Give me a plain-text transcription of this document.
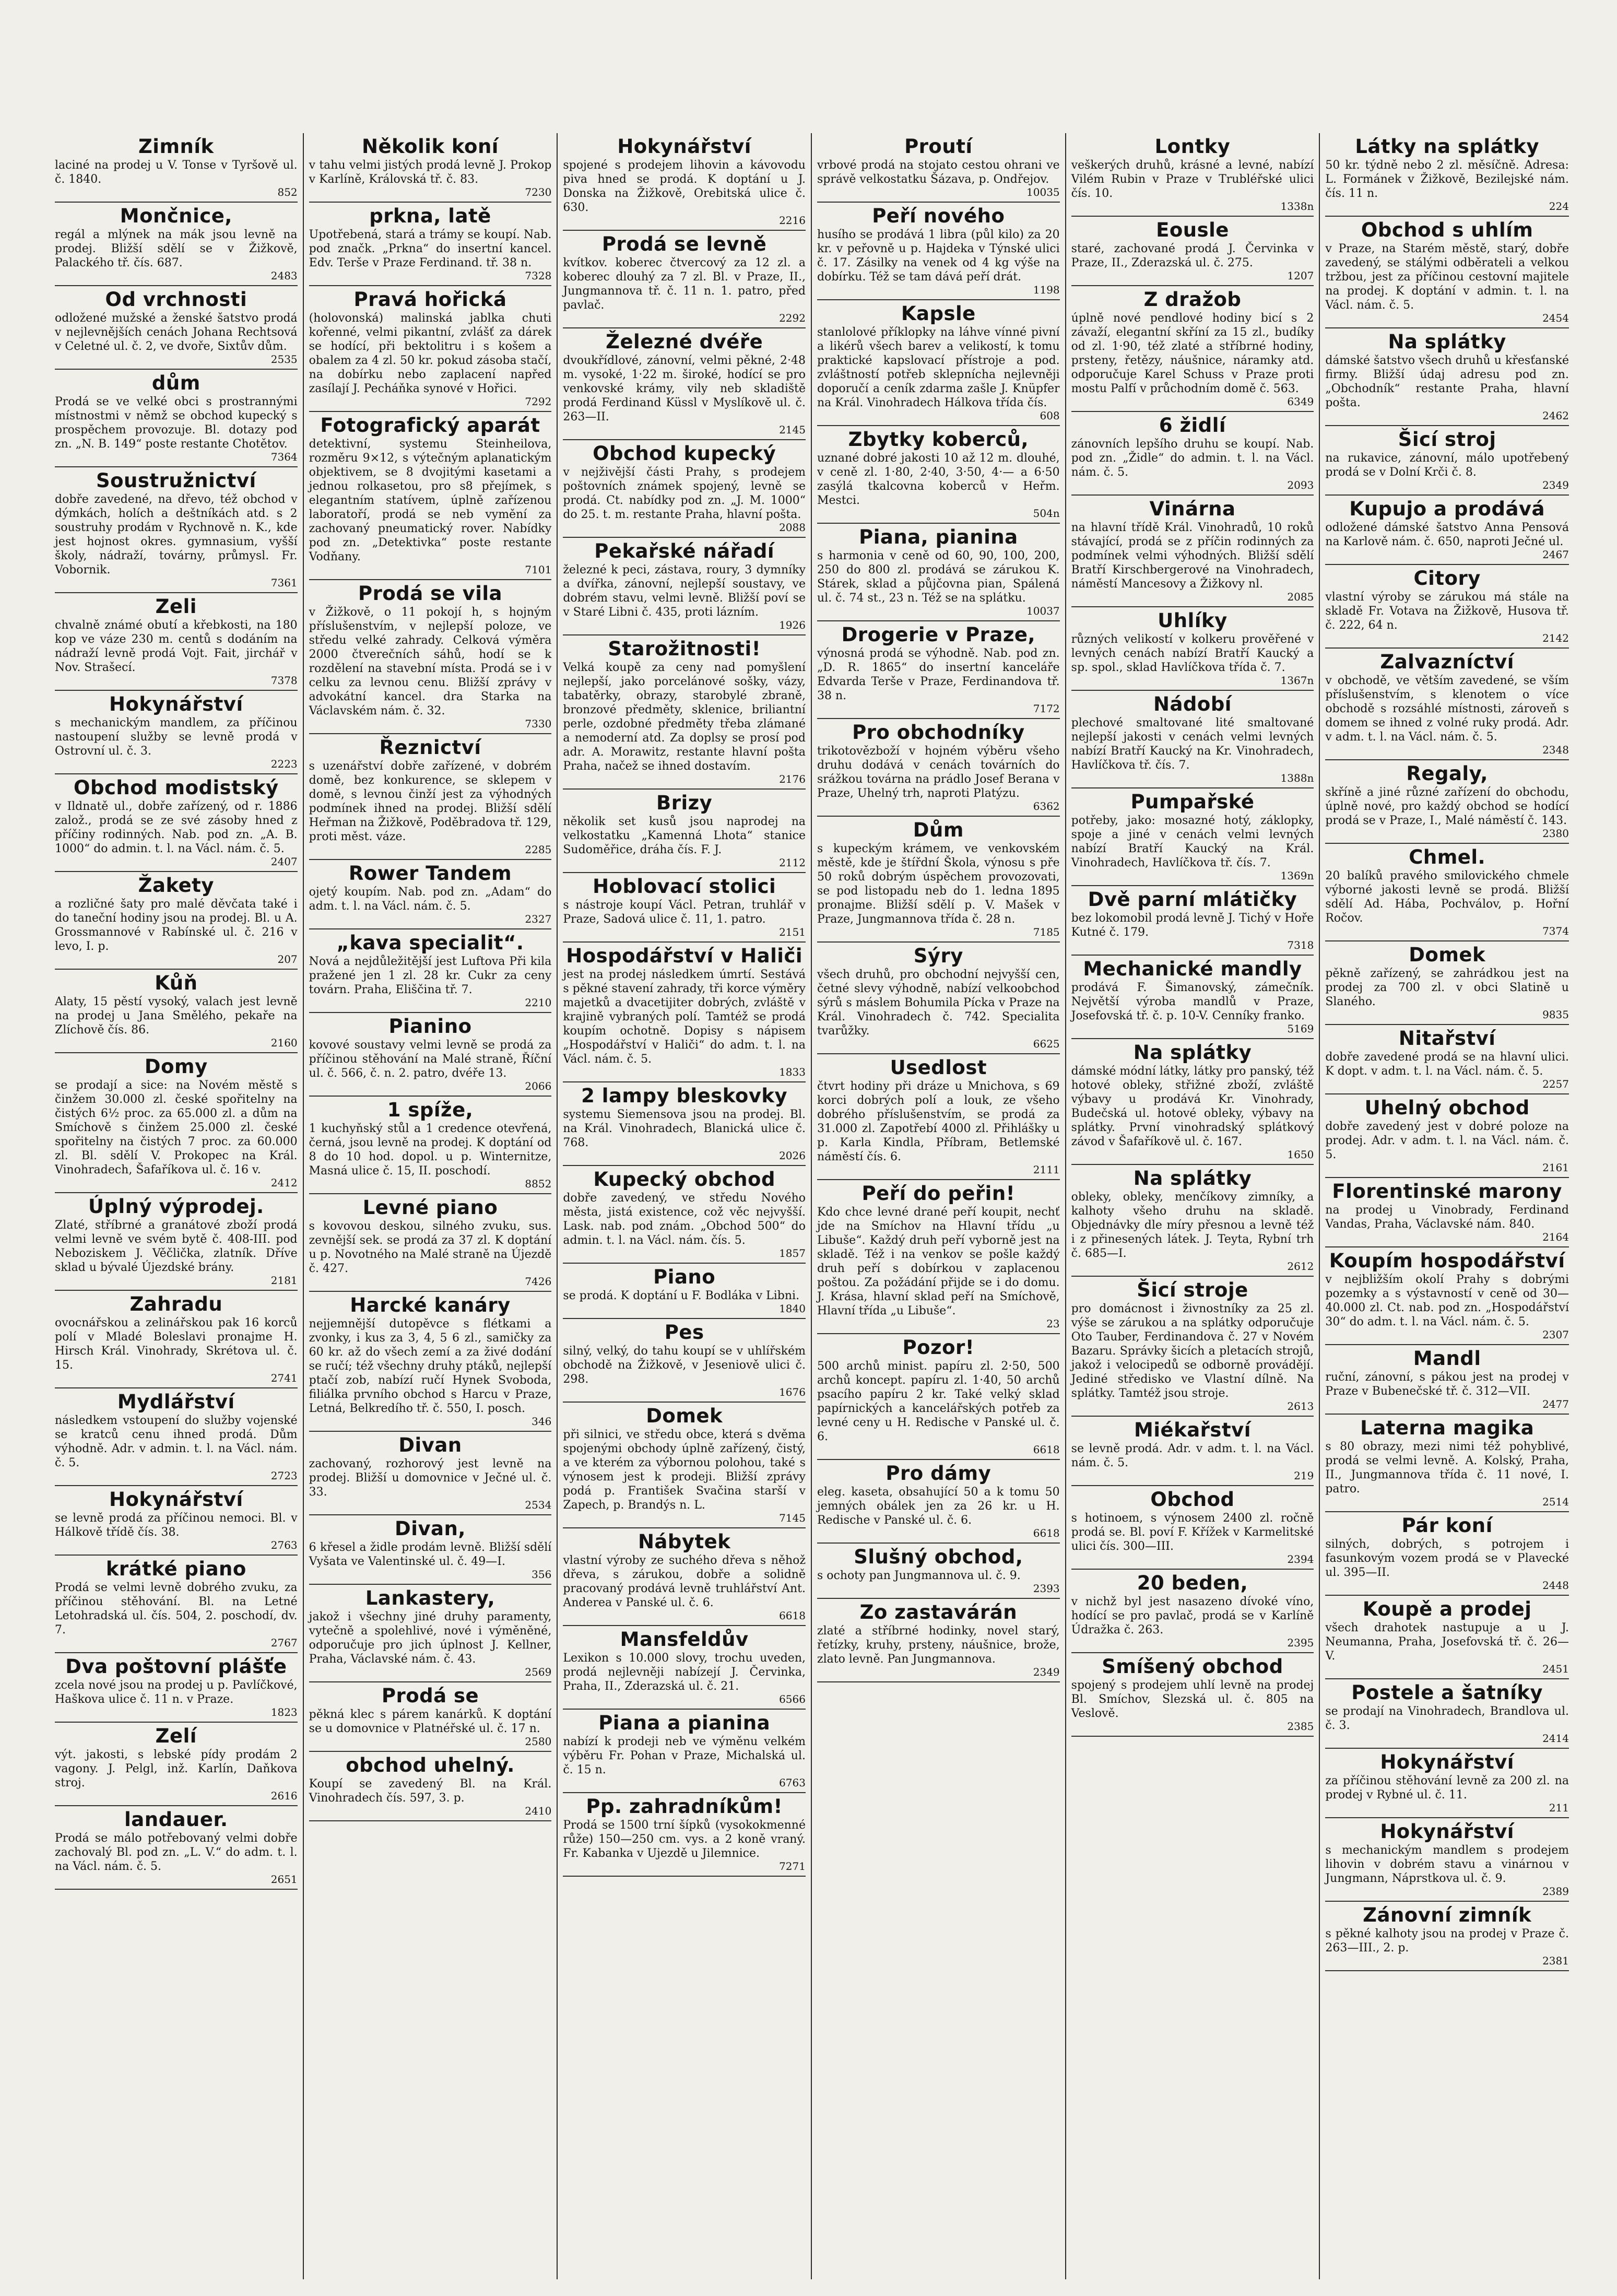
Zimník

laciné na prodej u V. Tonse v Tyršově ul. č. 1840.

852
Mončnice,

regál a mlýnek na mák jsou levně na prodej. Bližší sdělí se v Žižkově, Palackého tř. čís. 687.

2483
Od vrchnosti

odložené mužské a ženské šatstvo prodá v nejlevnějších cenách Johana Rechtsová v Celetné ul. č. 2, ve dvoře, Sixtův dům.

2535
dům

Prodá se ve velké obci s prostrannými místnostmi v němž se obchod kupecký s prospěchem provozuje. Bl. dotazy pod zn. „N. B. 149“ poste restante Chotětov.

7364
Soustružnictví

dobře zavedené, na dřevo, též obchod v dýmkách, holích a deštníkách atd. s 2 soustruhy prodám v Rychnově n. K., kde jest hojnost okres. gymnasium, vyšší školy, nádraží, továrny, průmysl. Fr. Vobornik.

7361
Zeli

chvalně známé obutí a křebkosti, na 180 kop ve váze 230 m. centů s dodáním na nádraží levně prodá Vojt. Fait, jirchář v Nov. Strašecí.

7378
Hokynářství

s mechanickým mandlem, za příčinou nastoupení služby se levně prodá v Ostrovní ul. č. 3.

2223
Obchod modistský

v Ildnatě ul., dobře zařízený, od r. 1886 založ., prodá se ze své zásoby hned z příčiny rodinných. Nab. pod zn. „A. B. 1000“ do admin. t. l. na Václ. nám. č. 5.

2407
Žakety

a rozličné šaty pro malé děvčata také i do taneční hodiny jsou na prodej. Bl. u A. Grossmannové v Rabínské ul. č. 216 v levo, I. p.

207
Kůň

Alaty, 15 pěstí vysoký, valach jest levně na prodej u Jana Smělého, pekaře na Zlíchově čís. 86.

2160
Domy

se prodají a sice: na Novém městě s činžem 30.000 zl. české spořitelny na čistých 6½ proc. za 65.000 zl. a dům na Smíchově s činžem 25.000 zl. české spořitelny na čistých 7 proc. za 60.000 zl. Bl. sdělí V. Prokopec na Král. Vinohradech, Šafaříkova ul. č. 16 v.

2412
Úplný výprodej.

Zlaté, stříbrné a granátové zboží prodá velmi levně ve svém bytě č. 408-III. pod Neboziskem J. Věčlička, zlatník. Dříve sklad u bývalé Újezdské brány.

2181
Zahradu

ovocnářskou a zelinářskou pak 16 korců polí v Mladé Boleslavi pronajme H. Hirsch Král. Vinohrady, Skrétova ul. č. 15.

2741
Mydlářství

následkem vstoupení do služby vojenské se kratců cenu ihned prodá. Dům výhodně. Adr. v admin. t. l. na Václ. nám. č. 5.

2723
Hokynářství

se levně prodá za příčinou nemoci. Bl. v Hálkově třídě čís. 38.

2763
krátké piano

Prodá se velmi levně dobrého zvuku, za příčinou stěhování. Bl. na Letné Letohradská ul. čís. 504, 2. poschodí, dv. 7.

2767
Dva poštovní plášťe

zcela nové jsou na prodej u p. Pavlíčkové, Haškova ulice č. 11 n. v Praze.

1823
Zelí

výt. jakosti, s lebské pídy prodám 2 vagony. J. Pelgl, inž. Karlín, Daňkova stroj.

2616
landauer.

Prodá se málo potřebovaný velmi dobře zachovalý Bl. pod zn. „L. V.“ do adm. t. l. na Václ. nám. č. 5.

2651
Několik koní

v tahu velmi jistých prodá levně J. Prokop v Karlíně, Královská tř. č. 83.

7230
prkna, latě

Upotřebená, stará a trámy se koupí. Nab. pod značk. „Prkna“ do insertní kancel. Edv. Terše v Praze Ferdinand. tř. 38 n.

7328
Pravá hořická

(holovonská) malinská jablka chuti kořenné, velmi pikantní, zvlášť za dárek se hodící, při bektolitru i s košem a obalem za 4 zl. 50 kr. pokud zásoba stačí, na dobírku nebo zaplacení napřed zasílají J. Pecháňka synové v Hořici.

7292
Fotografický aparát

detektivní, systemu Steinheilova, rozměru 9×12, s výtečným aplanatickým objektivem, se 8 dvojitými kasetami a jednou rolkasetou, pro s8 přejímek, s elegantním statívem, úplně zařízenou laboratoří, prodá se neb vymění za zachovaný pneumatický rover. Nabídky pod zn. „Detektivka“ poste restante Vodňany.

7101
Prodá se vila

v Žižkově, o 11 pokojí h, s hojným příslušenstvím, v nejlepší poloze, ve středu velké zahrady. Celková výměra 2000 čtverečních sáhů, hodí se k rozdělení na stavební místa. Prodá se i v celku za levnou cenu. Bližší zprávy v advokátní kancel. dra Starka na Václavském nám. č. 32.

7330
Řeznictví

s uzenářství dobře zařízené, v dobrém domě, bez konkurence, se sklepem v domě, s levnou činží jest za výhodných podmínek ihned na prodej. Bližší sdělí Heřman na Žižkově, Poděbradova tř. 129, proti měst. váze.

2285
Rower Tandem

ojetý koupím. Nab. pod zn. „Adam“ do adm. t. l. na Václ. nám. č. 5.

2327
„kava specialit“.

Nová a nejdůležitější jest Luftova Při kila pražené jen 1 zl. 28 kr. Cukr za ceny továrn. Praha, Eliščina tř. 7.

2210
Pianino

kovové soustavy velmi levně se prodá za příčinou stěhování na Malé straně, Říční ul. č. 566, č. n. 2. patro, dvéře 13.

2066
1 spíže,

1 kuchyňský stůl a 1 credence otevřená, černá, jsou levně na prodej. K doptání od 8 do 10 hod. dopol. u p. Winternitze, Masná ulice č. 15, II. poschodí.

8852
Levné piano

s kovovou deskou, silného zvuku, sus. zevnější sek. se prodá za 37 zl. K doptání u p. Novotného na Malé straně na Újezdě č. 427.

7426
Harcké kanáry

nejjemnější dutopěvce s flétkami a zvonky, i kus za 3, 4, 5 6 zl., samičky za 60 kr. až do všech zemí a za živé dodání se ručí; též všechny druhy ptáků, nejlepší ptačí zob, nabízí ručí Hynek Svoboda, filiálka prvního obchod s Harcu v Praze, Letná, Belkredího tř. č. 550, I. posch.

346
Divan

zachovaný, rozhorový jest levně na prodej. Bližší u domovnice v Ječné ul. č. 33.

2534
Divan,

6 křesel a židle prodám levně. Bližší sdělí Vyšata ve Valentinské ul. č. 49—I.

356
Lankastery,

jakož i všechny jiné druhy paramenty, vytečně a spolehlivé, nové i výměněné, odporučuje pro jich úplnost J. Kellner, Praha, Václavské nám. č. 43.

2569
Prodá se

pěkná klec s párem kanárků. K doptání se u domovnice v Platnéřské ul. č. 17 n.

2580
obchod uhelný.

Koupí se zavedený Bl. na Král. Vinohradech čís. 597, 3. p.

2410
Hokynářství

spojené s prodejem lihovin a kávovodu piva hned se prodá. K doptání u J. Donska na Žižkově, Orebitská ulice č. 630.

2216
Prodá se levně

kvítkov. koberec čtvercový za 12 zl. a koberec dlouhý za 7 zl. Bl. v Praze, II., Jungmannova tř. č. 11 n. 1. patro, před pavlač.

2292
Železné dvéře

dvoukřídlové, zánovní, velmi pěkné, 2·48 m. vysoké, 1·22 m. široké, hodící se pro venkovské krámy, vily neb skladiště prodá Ferdinand Küssl v Myslíkově ul. č. 263—II.

2145
Obchod kupecký

v nejživější části Prahy, s prodejem poštovních známek spojený, levně se prodá. Ct. nabídky pod zn. „J. M. 1000“ do 25. t. m. restante Praha, hlavní pošta.

2088
Pekařské nářadí

železné k peci, zástava, roury, 3 dymníky a dvířka, zánovní, nejlepší soustavy, ve dobrém stavu, velmi levně. Bližší poví se v Staré Libni č. 435, proti lázním.

1926
Starožitnosti!

Velká koupě za ceny nad pomyšlení nejlepší, jako porcelánové sošky, vázy, tabatěrky, obrazy, starobylé zbraně, bronzové předměty, sklenice, briliantní perle, ozdobné předměty třeba zlámané a nemoderní atd. Za doplsy se prosí pod adr. A. Morawitz, restante hlavní pošta Praha, načež se ihned dostavím.

2176
Brizy

několik set kusů jsou naprodej na velkostatku „Kamenná Lhota“ stanice Sudoměřice, dráha čís. F. J.

2112
Hoblovací stolici

s nástroje koupí Václ. Petran, truhlář v Praze, Sadová ulice č. 11, 1. patro.

2151
Hospodářství v Haliči

jest na prodej následkem úmrtí. Sestává s pěkné stavení zahrady, tři korce výměry majetků a dvacetijiter dobrých, zvláště v krajině vybraných polí. Tamtéž se prodá koupím ochotně. Dopisy s nápisem „Hospodářství v Haliči“ do adm. t. l. na Václ. nám. č. 5.

1833
2 lampy bleskovky

systemu Siemensova jsou na prodej. Bl. na Král. Vinohradech, Blanická ulice č. 768.

2026
Kupecký obchod

dobře zavedený, ve středu Nového města, jistá existence, což věc nejvyšší. Lask. nab. pod znám. „Obchod 500“ do admin. t. l. na Václ. nám. čís. 5.

1857
Piano

se prodá. K doptání u F. Bodláka v Libni.

1840
Pes

silný, velký, do tahu koupí se v uhlířském obchodě na Žižkově, v Jeseniově ulici č. 298.

1676
Domek

při silnici, ve středu obce, která s dvěma spojenými obchody úplně zařízený, čistý, a ve kterém za výbornou polohou, také s výnosem jest k prodeji. Bližší zprávy podá p. František Svačina starší v Zapech, p. Brandýs n. L.

7145
Nábytek

vlastní výroby ze suchého dřeva s něhož dřeva, s zárukou, dobře a solidně pracovaný prodává levně truhlářství Ant. Anderea v Panské ul. č. 6.

6618
Mansfeldův

Lexikon s 10.000 slovy, trochu uveden, prodá nejlevněji nabízejí J. Červinka, Praha, II., Zderazská ul. č. 21.

6566
Piana a pianina

nabízí k prodeji neb ve výměnu velkém výběru Fr. Pohan v Praze, Michalská ul. č. 15 n.

6763
Pp. zahradníkům!

Prodá se 1500 trní šípků (vysokokmenné růže) 150—250 cm. vys. a 2 koně vraný. Fr. Kabanka v Ujezdě u Jilemnice.

7271
Proutí

vrbové prodá na stojato cestou ohrani ve správě velkostatku Šázava, p. Ondřejov.

10035
Peří nového

husího se prodává 1 libra (půl kilo) za 20 kr. v peřovně u p. Hajdeka v Týnské ulici č. 17. Zásilky na venek od 4 kg výše na dobírku. Též se tam dává peří drát.

1198
Kapsle

stanlolové příklopky na láhve vínné pivní a likérů všech barev a velikostí, k tomu praktické kapslovací přístroje a pod. zvláštností potřeb sklepnícha nejlevněji doporučí a ceník zdarma zašle J. Knüpfer na Král. Vinohradech Hálkova třída čís.

608
Zbytky koberců,

uznané dobré jakosti 10 až 12 m. dlouhé, v ceně zl. 1·80, 2·40, 3·50, 4·— a 6·50 zasýlá tkalcovna koberců v Heřm. Mestci.

504n
Piana, pianina

s harmonia v ceně od 60, 90, 100, 200, 250 do 800 zl. prodává se zárukou K. Stárek, sklad a půjčovna pian, Spálená ul. č. 74 st., 23 n. Též se na splátku.

10037
Drogerie v Praze,

výnosná prodá se výhodně. Nab. pod zn. „D. R. 1865“ do insertní kanceláře Edvarda Terše v Praze, Ferdinandova tř. 38 n.

7172
Pro obchodníky

trikotovězboží v hojném výběru všeho druhu dodává v cenách továrních do srážkou továrna na prádlo Josef Berana v Praze, Uhelný trh, naproti Platýzu.

6362
Dům

s kupeckým krámem, ve venkovském městě, kde je štířdní Škola, výnosu s pře 50 roků dobrým úspěchem provozovati, se pod listopadu neb do 1. ledna 1895 pronajme. Bližší sdělí p. V. Mašek v Praze, Jungmannova třída č. 28 n.

7185
Sýry

všech druhů, pro obchodní nejvyšší cen, četné slevy výhodně, nabízí velkoobchod sýrů s máslem Bohumila Pícka v Praze na Král. Vinohradech č. 742. Specialita tvarůžky.

6625
Usedlost

čtvrt hodiny při dráze u Mnichova, s 69 korci dobrých polí a louk, ze všeho dobrého příslušenstvím, se prodá za 31.000 zl. Zapotřebí 4000 zl. Přihlášky u p. Karla Kindla, Příbram, Betlemské náměstí čís. 6.

2111
Peří do peřin!

Kdo chce levné drané peří koupit, nechť jde na Smíchov na Hlavní třídu „u Libuše“. Každý druh peří vyborně jest na skladě. Též i na venkov se pošle každý druh peří s dobírkou v zaplacenou poštou. Za požádání přijde se i do domu. J. Krása, hlavní sklad peří na Smíchově, Hlavní třída „u Libuše“.

23
Pozor!

500 archů minist. papíru zl. 2·50, 500 archů koncept. papíru zl. 1·40, 50 archů psacího papíru 2 kr. Také velký sklad papírnických a kancelářských potřeb za levné ceny u H. Redische v Panské ul. č. 6.

6618
Pro dámy

eleg. kaseta, obsahující 50 a k tomu 50 jemných obálek jen za 26 kr. u H. Redische v Panské ul. č. 6.

6618
Slušný obchod,

s ochoty pan Jungmannova ul. č. 9.

2393
Zo zastavárán

zlaté a stříbrné hodinky, novel starý, řetízky, kruhy, prsteny, náušnice, brože, zlato levně. Pan Jungmannova.

2349
Lontky

veškerých druhů, krásné a levné, nabízí Vilém Rubin v Praze v Trubléřské ulici čís. 10.

1338n
Eousle

staré, zachované prodá J. Červinka v Praze, II., Zderazská ul. č. 275.

1207
Z dražob

úplně nové pendlové hodiny bicí s 2 závaží, elegantní skříní za 15 zl., budíky od zl. 1·90, též zlaté a stříbrné hodiny, prsteny, řetězy, náušnice, náramky atd. odporučuje Karel Schuss v Praze proti mostu Palfí v průchodním domě č. 563.

6349
6 židlí

zánovních lepšího druhu se koupí. Nab. pod zn. „Židle“ do admin. t. l. na Václ. nám. č. 5.

2093
Vinárna

na hlavní třídě Král. Vinohradů, 10 roků stávající, prodá se z příčin rodinných za podmínek velmi výhodných. Bližší sdělí Bratří Kirschbergerové na Vinohradech, náměstí Mancesovy a Žižkovy nl.

2085
Uhlíky

různých velikostí v kolkeru prověřené v levných cenách nabízí Bratří Kaucký a sp. spol., sklad Havlíčkova třída č. 7.

1367n
Nádobí

plechové smaltované lité smaltované nejlepší jakosti v cenách velmi levných nabízí Bratří Kaucký na Kr. Vinohradech, Havlíčkova tř. čís. 7.

1388n
Pumpařské

potřeby, jako: mosazné hotý, záklopky, spoje a jiné v cenách velmi levných nabízí Bratří Kaucký na Král. Vinohradech, Havlíčkova tř. čís. 7.

1369n
Dvě parní mlátičky

bez lokomobil prodá levně J. Tichý v Hoře Kutné č. 179.

7318
Mechanické mandly

prodává F. Šimanovský, zámečník. Největší výroba mandlů v Praze, Josefovská tř. č. p. 10-V. Cenníky franko.

5169
Na splátky

dámské módní látky, látky pro panský, též hotové obleky, střižné zboží, zvláště výbavy u prodává Kr. Vinohrady, Budečská ul. hotové obleky, výbavy na splátky. První vinohradský splátkový závod v Šafaříkově ul. č. 167.

1650
Na splátky

obleky, obleky, menčíkovy zimníky, a kalhoty všeho druhu na skladě. Objednávky dle míry přesnou a levně též i z přinesených látek. J. Teyta, Rybní trh č. 685—I.

2612
Šicí stroje

pro domácnost i živnostníky za 25 zl. výše se zárukou a na splátky odporučuje Oto Tauber, Ferdinandova č. 27 v Novém Bazaru. Správky šicích a pletacích strojů, jakož i velocipedů se odborně provádějí. Jediné středisko ve Vlastní dílně. Na splátky. Tamtéž jsou stroje.

2613
Miékařství

se levně prodá. Adr. v adm. t. l. na Václ. nám. č. 5.

219
Obchod

s hotinoem, s výnosem 2400 zl. ročně prodá se. Bl. poví F. Křížek v Karmelitské ulici čís. 300—III.

2394
20 beden,

v nichž byl jest nasazeno dívoké víno, hodící se pro pavlač, prodá se v Karlíně Údražka č. 263.

2395
Smíšený obchod

spojený s prodejem uhlí levně na prodej Bl. Smíchov, Slezská ul. č. 805 na Veslově.

2385
Látky na splátky

50 kr. týdně nebo 2 zl. měsíčně. Adresa: L. Formánek v Žižkově, Bezilejské nám. čís. 11 n.

224
Obchod s uhlím

v Praze, na Starém městě, starý, dobře zavedený, se stálými odběrateli a velkou tržbou, jest za příčinou cestovní majitele na prodej. K doptání v admin. t. l. na Václ. nám. č. 5.

2454
Na splátky

dámské šatstvo všech druhů u křesťanské firmy. Bližší údaj adresu pod zn. „Obchodník“ restante Praha, hlavní pošta.

2462
Šicí stroj

na rukavice, zánovní, málo upotřebený prodá se v Dolní Krči č. 8.

2349
Kupujo a prodává

odložené dámské šatstvo Anna Pensová na Karlově nám. č. 650, naproti Ječné ul.

2467
Citory

vlastní výroby se zárukou má stále na skladě Fr. Votava na Žižkově, Husova tř. č. 222, 64 n.

2142
Zalvazníctví

v obchodě, ve větším zavedené, se vším příslušenstvím, s klenotem o více obchodě s rozsáhlé místnosti, zároveň s domem se ihned z volné ruky prodá. Adr. v adm. t. l. na Václ. nám. č. 5.

2348
Regaly,

skříně a jiné různé zařízení do obchodu, úplně nové, pro každý obchod se hodící prodá se v Praze, I., Malé náměstí č. 143.

2380
Chmel.

20 balíků pravého smilovického chmele výborné jakosti levně se prodá. Bližší sdělí Ad. Hába, Pochválov, p. Hořní Ročov.

7374
Domek

pěkně zařízený, se zahrádkou jest na prodej za 700 zl. v obci Slatině u Slaného.

9835
Nitařství

dobře zavedené prodá se na hlavní ulici. K dopt. v adm. t. l. na Václ. nám. č. 5.

2257
Uhelný obchod

dobře zavedený jest v dobré poloze na prodej. Adr. v adm. t. l. na Václ. nám. č. 5.

2161
Florentinské marony

na prodej u Vinobrady, Ferdinand Vandas, Praha, Václavské nám. 840.

2164
Koupím hospodářství

v nejbližším okolí Prahy s dobrými pozemky a s výstavností v ceně od 30—40.000 zl. Ct. nab. pod zn. „Hospodářství 30“ do adm. t. l. na Václ. nám. č. 5.

2307
Mandl

ruční, zánovní, s pákou jest na prodej v Praze v Bubenečské tř. č. 312—VII.

2477
Laterna magika

s 80 obrazy, mezi nimi též pohyblivé, prodá se velmi levně. A. Kolský, Praha, II., Jungmannova třída č. 11 nové, I. patro.

2514
Pár koní

silných, dobrých, s potrojem i fasunkovým vozem prodá se v Plavecké ul. 395—II.

2448
Koupě a prodej

všech drahotek nastupuje a u J. Neumanna, Praha, Josefovská tř. č. 26—V.

2451
Postele a šatníky

se prodají na Vinohradech, Brandlova ul. č. 3.

2414
Hokynářství

za příčinou stěhování levně za 200 zl. na prodej v Rybné ul. č. 11.

211
Hokynářství

s mechanickým mandlem s prodejem lihovin v dobrém stavu a vinárnou v Jungmann, Náprstkova ul. č. 9.

2389
Zánovní zimník

s pěkné kalhoty jsou na prodej v Praze č. 263—III., 2. p.

2381
